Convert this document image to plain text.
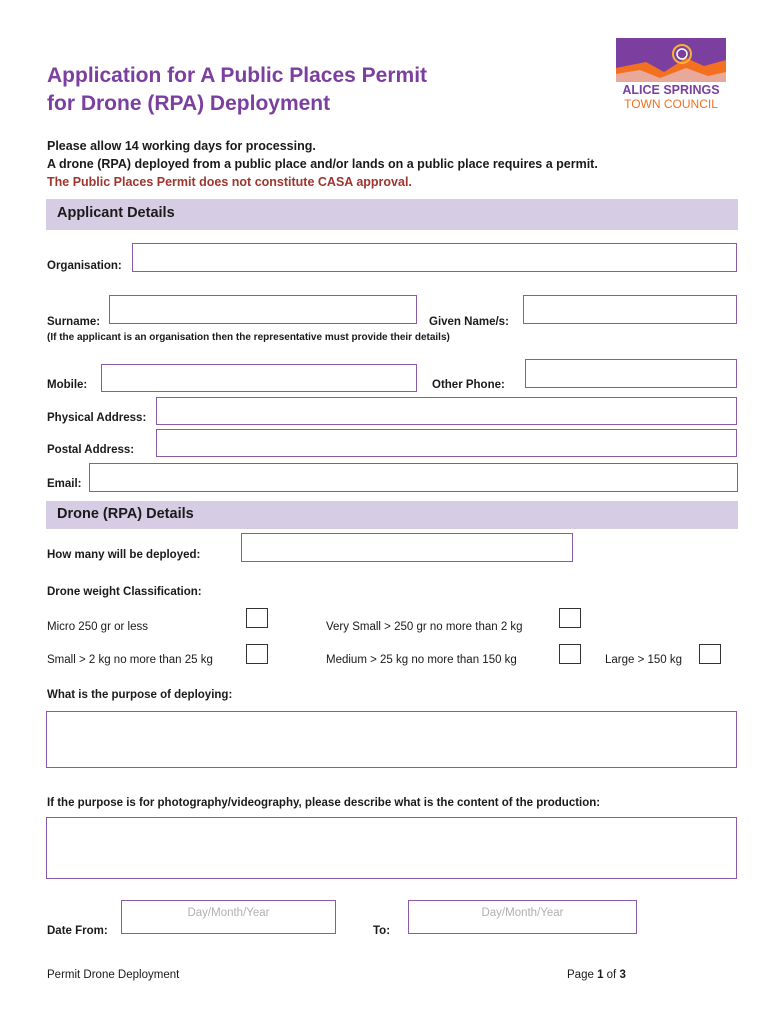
Application for A Public Places Permit
for Drone (RPA) Deployment
ALICE SPRINGS
TOWN COUNCIL
Please allow 14 working days for processing.
A drone (RPA) deployed from a public place and/or lands on a public place requires a permit.
The Public Places Permit does not constitute CASA approval.
Applicant Details
Organisation:
Surname:	Given Name/s:
(If the applicant is an organisation then the representative must provide their details)
Mobile:	Other Phone:
Physical Address:
Postal Address:
Email:
Drone (RPA) Details
How many will be deployed:
Drone weight Classification:
Micro 250 gr or less	Very Small > 250 gr no more than 2 kg
Small > 2 kg no more than 25 kg	Medium > 25 kg no more than 150 kg	Large > 150 kg
What is the purpose of deploying:
If the purpose is for photography/videography, please describe what is the content of the production:
Day/Month/Year
Date From:	To:
Day/Month/Year
Permit Drone Deployment	Page 1 of 3
